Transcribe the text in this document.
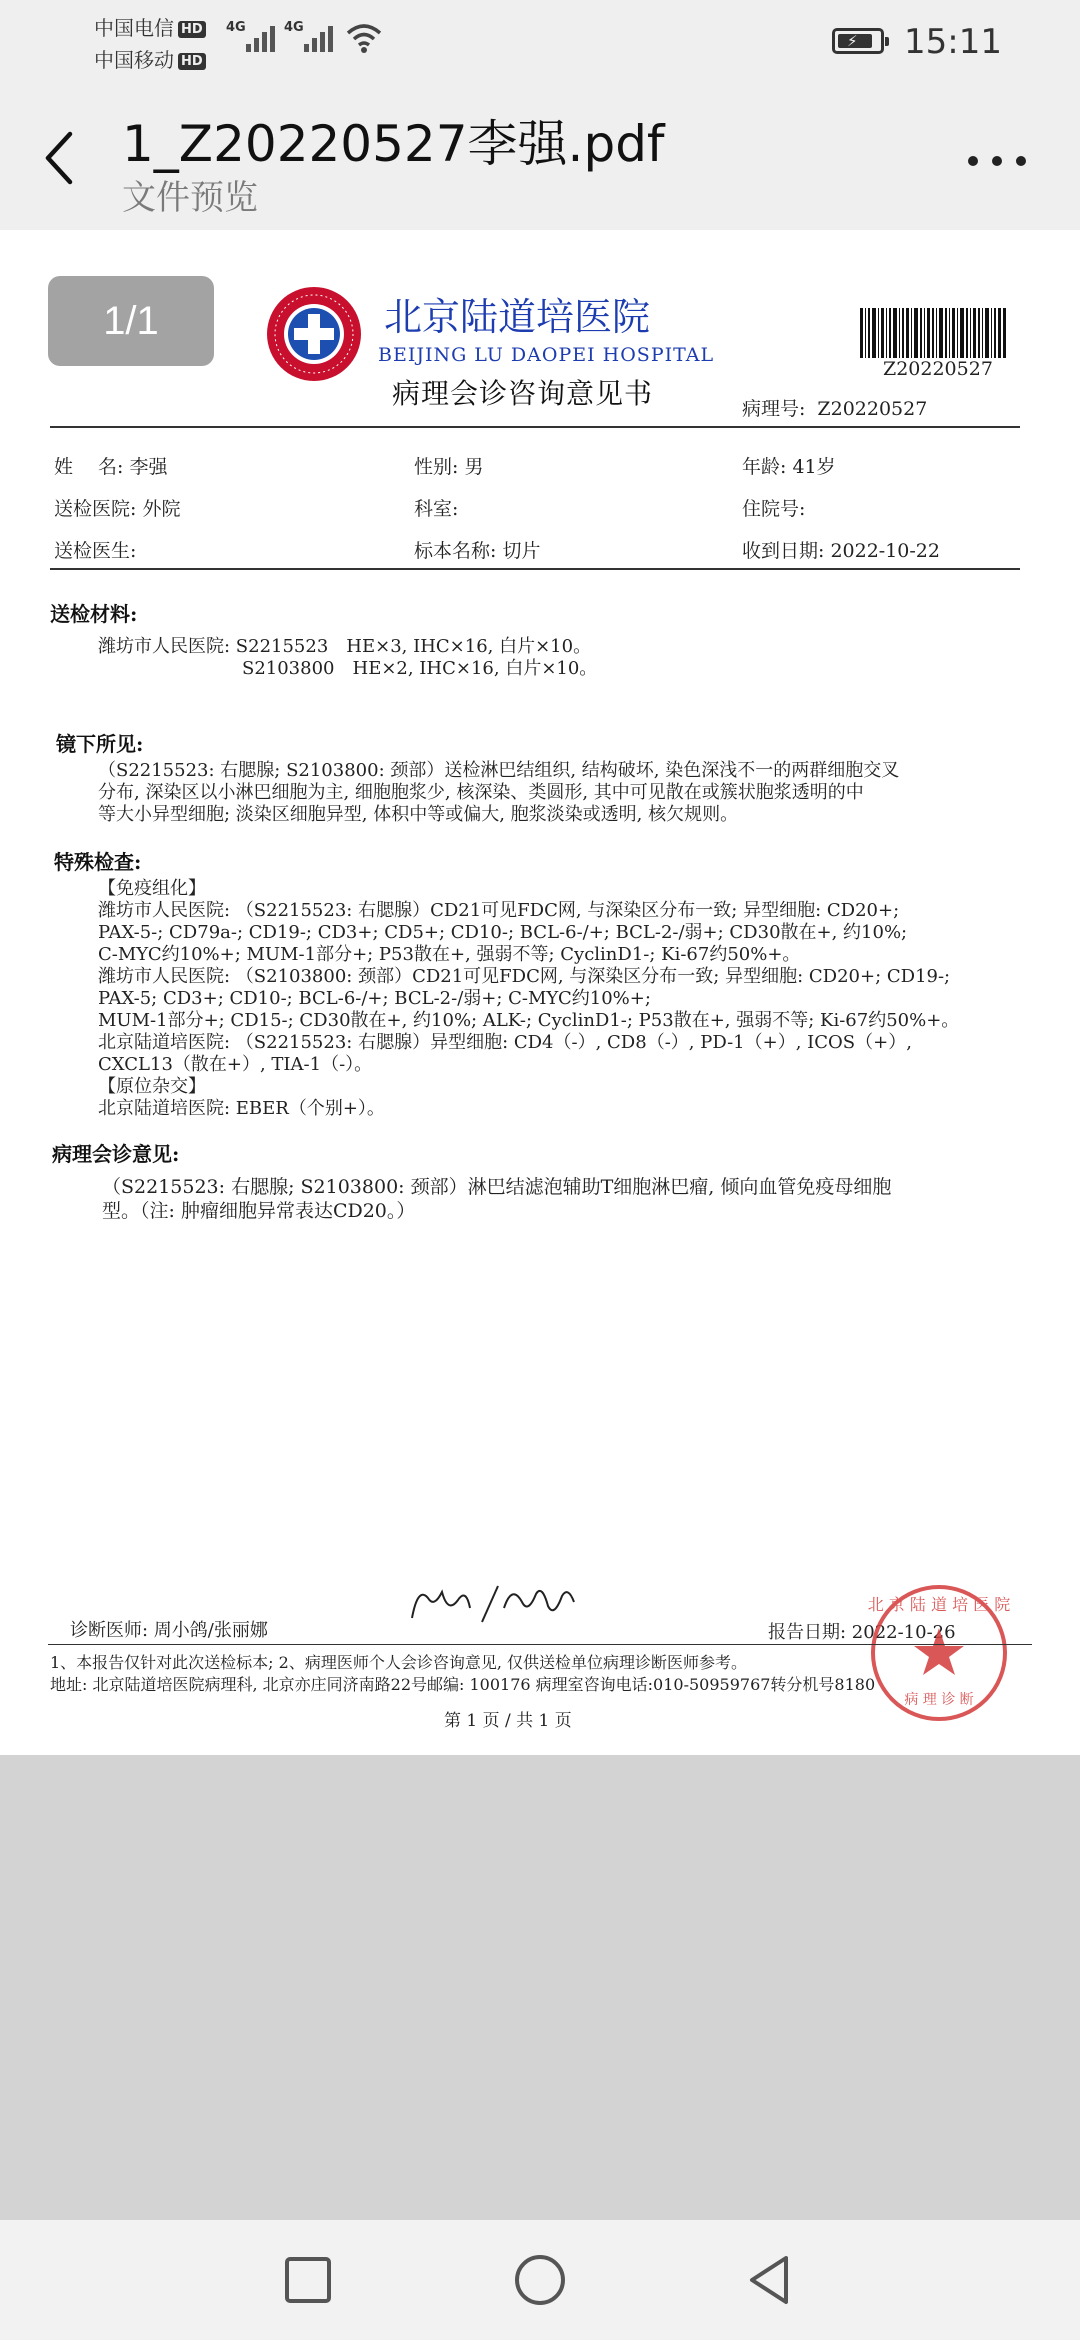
中国电信 HD
中国移动 HD
4G	4G
⚡ 15:11
1_Z20220527李强.pdf
文件预览
1/1	北京陆道培医院
BEIJING LU DAOPEI HOSPITAL
病理会诊咨询意见书
Z20220527
病理号: Z20220527
姓　 名: 李强	性别: 男	年龄: 41岁
送检医院: 外院	科室:	住院号:
送检医生:	标本名称: 切片	收到日期: 2022-10-22
送检材料:
潍坊市人民医院: S2215523　HE×3, IHC×16, 白片×10。
　　　　　　　　S2103800　HE×2, IHC×16, 白片×10。
镜下所见:
（S2215523: 右腮腺; S2103800: 颈部）送检淋巴结组织, 结构破坏, 染色深浅不一的两群细胞交叉
分布, 深染区以小淋巴细胞为主, 细胞胞浆少, 核深染、类圆形, 其中可见散在或簇状胞浆透明的中
等大小异型细胞; 淡染区细胞异型, 体积中等或偏大, 胞浆淡染或透明, 核欠规则。
特殊检查:
【免疫组化】
潍坊市人民医院: （S2215523: 右腮腺）CD21可见FDC网, 与深染区分布一致; 异型细胞: CD20+;
PAX-5-; CD79a-; CD19-; CD3+; CD5+; CD10-; BCL-6-/+; BCL-2-/弱+; CD30散在+, 约10%;
C-MYC约10%+; MUM-1部分+; P53散在+, 强弱不等; CyclinD1-; Ki-67约50%+。
潍坊市人民医院: （S2103800: 颈部）CD21可见FDC网, 与深染区分布一致; 异型细胞: CD20+; CD19-;
PAX-5; CD3+; CD10-; BCL-6-/+; BCL-2-/弱+; C-MYC约10%+;
MUM-1部分+; CD15-; CD30散在+, 约10%; ALK-; CyclinD1-; P53散在+, 强弱不等; Ki-67约50%+。
北京陆道培医院: （S2215523: 右腮腺）异型细胞: CD4（-）, CD8（-）, PD-1（+）, ICOS（+）,
CXCL13（散在+）, TIA-1（-）。
【原位杂交】
北京陆道培医院: EBER（个别+）。
病理会诊意见:
（S2215523: 右腮腺; S2103800: 颈部）淋巴结滤泡辅助T细胞淋巴瘤, 倾向血管免疫母细胞
型。（注: 肿瘤细胞异常表达CD20。）
诊断医师: 周小鸽/张丽娜	报告日期: 2022-10-26
北 京 陆 道 培 医 院
病 理 诊 断
1、本报告仅针对此次送检标本; 2、病理医师个人会诊咨询意见, 仅供送检单位病理诊断医师参考。
地址: 北京陆道培医院病理科, 北京亦庄同济南路22号邮编: 100176 病理室咨询电话:010-50959767转分机号8180
第 1 页 / 共 1 页
